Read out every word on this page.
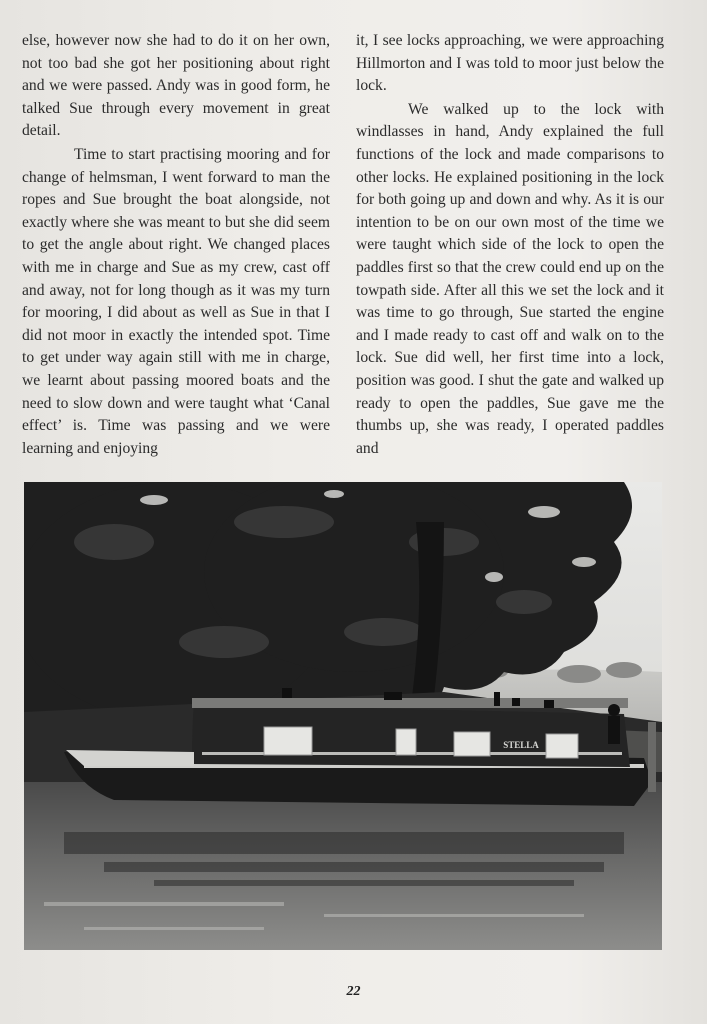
else, however now she had to do it on her own, not too bad she got her positioning about right and we were passed. Andy was in good form, he talked Sue through every movement in great detail.

Time to start practising mooring and for change of helmsman, I went forward to man the ropes and Sue brought the boat alongside, not exactly where she was meant to but she did seem to get the angle about right. We changed places with me in charge and Sue as my crew, cast off and away, not for long though as it was my turn for mooring, I did about as well as Sue in that I did not moor in exactly the intended spot. Time to get under way again still with me in charge, we learnt about passing moored boats and the need to slow down and were taught what ‘Canal effect’ is. Time was passing and we were learning and enjoying

it, I see locks approaching, we were approaching Hillmorton and I was told to moor just below the lock.

We walked up to the lock with windlasses in hand, Andy explained the full functions of the lock and made comparisons to other locks. He explained positioning in the lock for both going up and down and why. As it is our intention to be on our own most of the time we were taught which side of the lock to open the paddles first so that the crew could end up on the towpath side. After all this we set the lock and it was time to go through, Sue started the engine and I made ready to cast off and walk on to the lock. Sue did well, her first time into a lock, position was good. I shut the gate and walked up ready to open the paddles, Sue gave me the thumbs up, she was ready, I operated paddles and

STELLA
22
